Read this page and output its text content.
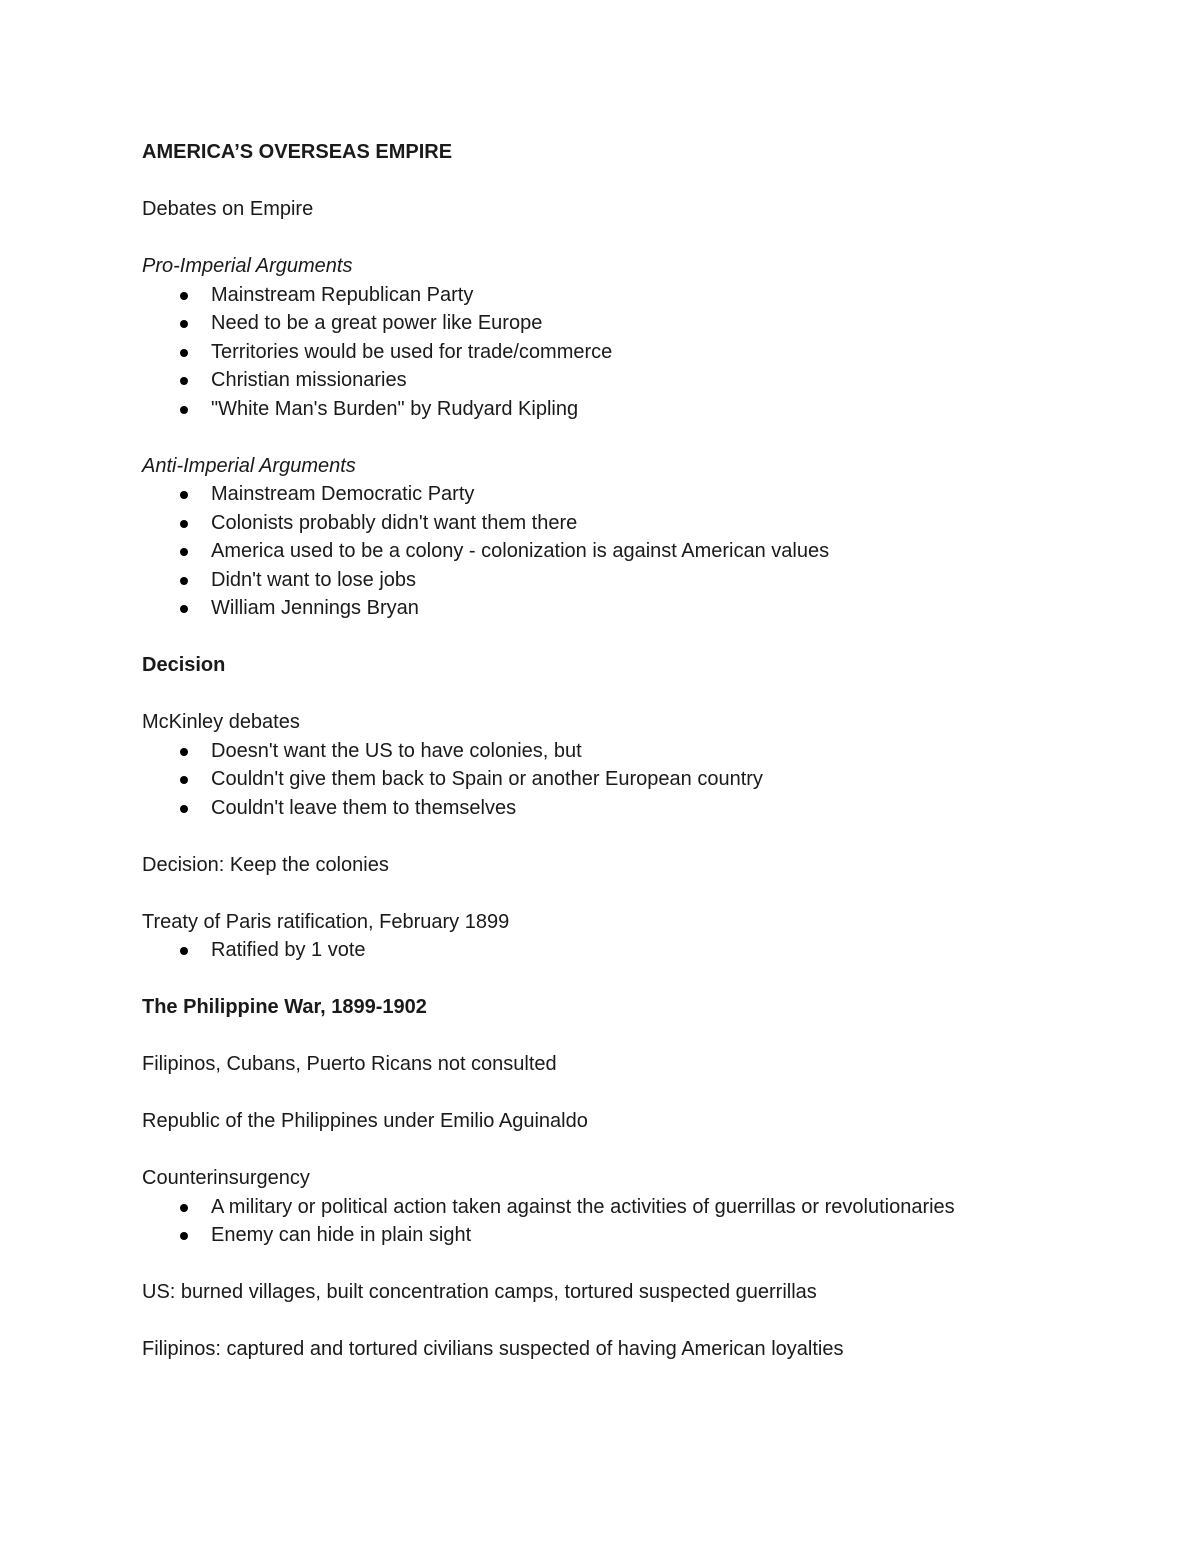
AMERICA’S OVERSEAS EMPIRE
Debates on Empire
Pro-Imperial Arguments
Mainstream Republican Party
Need to be a great power like Europe
Territories would be used for trade/commerce
Christian missionaries
"White Man's Burden" by Rudyard Kipling
Anti-Imperial Arguments
Mainstream Democratic Party
Colonists probably didn't want them there
America used to be a colony - colonization is against American values
Didn't want to lose jobs
William Jennings Bryan
Decision
McKinley debates
Doesn't want the US to have colonies, but
Couldn't give them back to Spain or another European country
Couldn't leave them to themselves
Decision: Keep the colonies
Treaty of Paris ratification, February 1899
Ratified by 1 vote
The Philippine War, 1899-1902
Filipinos, Cubans, Puerto Ricans not consulted
Republic of the Philippines under Emilio Aguinaldo
Counterinsurgency
A military or political action taken against the activities of guerrillas or revolutionaries
Enemy can hide in plain sight
US: burned villages, built concentration camps, tortured suspected guerrillas
Filipinos: captured and tortured civilians suspected of having American loyalties
